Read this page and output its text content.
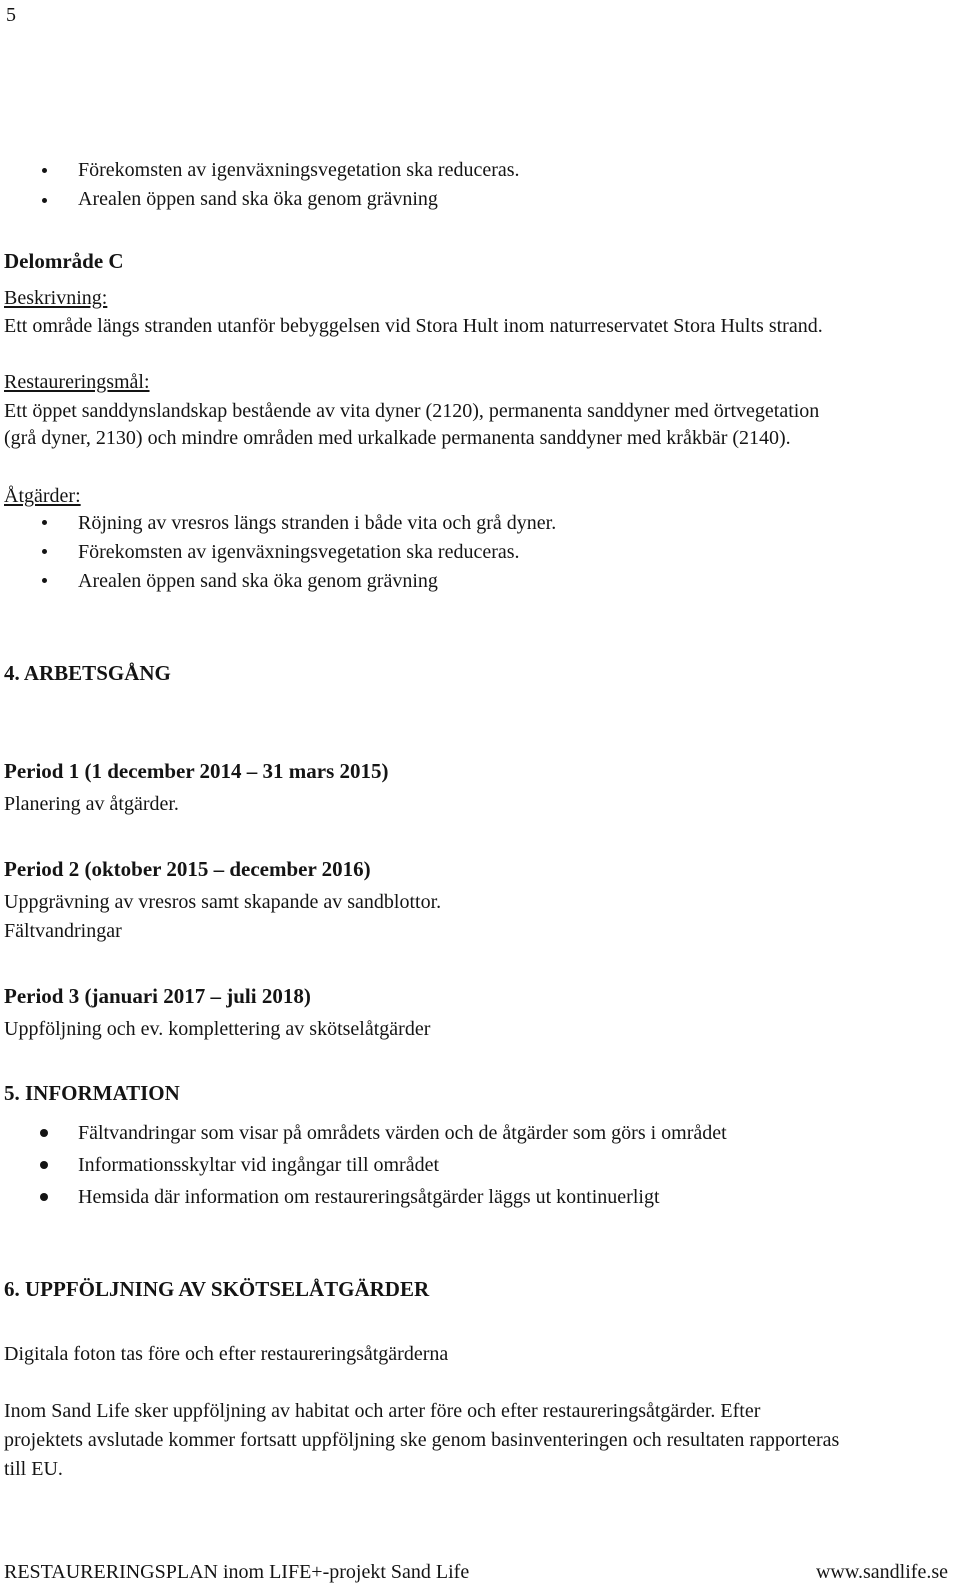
5
Förekomsten av igenväxningsvegetation ska reduceras.
Arealen öppen sand ska öka genom grävning
Delområde C
Beskrivning:
Ett område längs stranden utanför bebyggelsen vid Stora Hult inom naturreservatet Stora Hults strand.
Restaureringsmål:
Ett öppet sanddynslandskap bestående av vita dyner (2120), permanenta sanddyner med örtvegetation
(grå dyner, 2130) och mindre områden med urkalkade permanenta sanddyner med kråkbär (2140).
Åtgärder:
Röjning av vresros längs stranden i både vita och grå dyner.
Förekomsten av igenväxningsvegetation ska reduceras.
Arealen öppen sand ska öka genom grävning
4. ARBETSGÅNG
Period 1 (1 december 2014 – 31 mars 2015)
Planering av åtgärder.
Period 2 (oktober 2015 – december 2016)
Uppgrävning av vresros samt skapande av sandblottor.
Fältvandringar
Period 3 (januari 2017 – juli 2018)
Uppföljning och ev. komplettering av skötselåtgärder
5. INFORMATION
Fältvandringar som visar på områdets värden och de åtgärder som görs i området
Informationsskyltar vid ingångar till området
Hemsida där information om restaureringsåtgärder läggs ut kontinuerligt
6. UPPFÖLJNING AV SKÖTSELÅTGÄRDER
Digitala foton tas före och efter restaureringsåtgärderna
Inom Sand Life sker uppföljning av habitat och arter före och efter restaureringsåtgärder. Efter
projektets avslutade kommer fortsatt uppföljning ske genom basinventeringen och resultaten rapporteras
till EU.
RESTAURERINGSPLAN inom LIFE+-projekt Sand Life	www.sandlife.se
